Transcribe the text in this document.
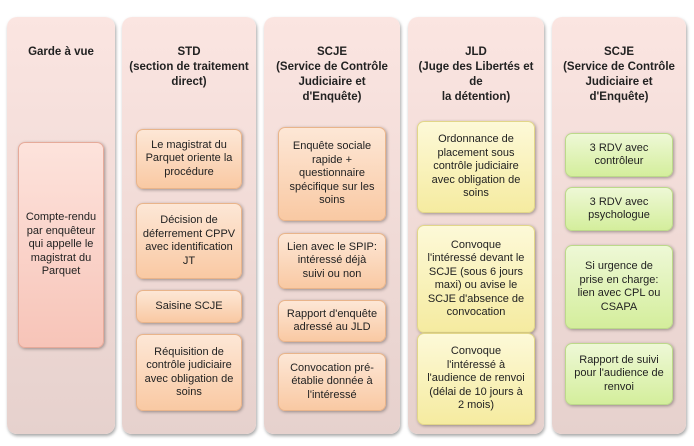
Garde à vue
Compte-rendu
par enquêteur
qui appelle le
magistrat du
Parquet
STD
(section de traitement
direct)
Le magistrat du
Parquet oriente la
procédure
Décision de
déferrement CPPV
avec identification
JT
Saisine SCJE
Réquisition de
contrôle judiciaire
avec obligation de
soins
SCJE
(Service de Contrôle
Judiciaire et d'Enquête)
Enquête sociale
rapide +
questionnaire
spécifique sur les
soins
Lien avec le SPIP:
intéressé déjà
suivi ou non
Rapport d'enquête
adressé au JLD
Convocation pré-
établie donnée à
l'intéressé
JLD
(Juge des Libertés et de
la détention)
Ordonnance de
placement sous
contrôle judiciaire
avec obligation de
soins
Convoque
l'intéressé devant le
SCJE (sous 6 jours
maxi) ou avise le
SCJE d'absence de
convocation
Convoque
l'intéressé à
l'audience de renvoi
(délai de 10 jours à
2 mois)
SCJE
(Service de Contrôle
Judiciaire et d'Enquête)
3 RDV avec
contrôleur
3 RDV avec
psychologue
Si urgence de
prise en charge:
lien avec CPL ou
CSAPA
Rapport de suivi
pour l'audience de
renvoi
